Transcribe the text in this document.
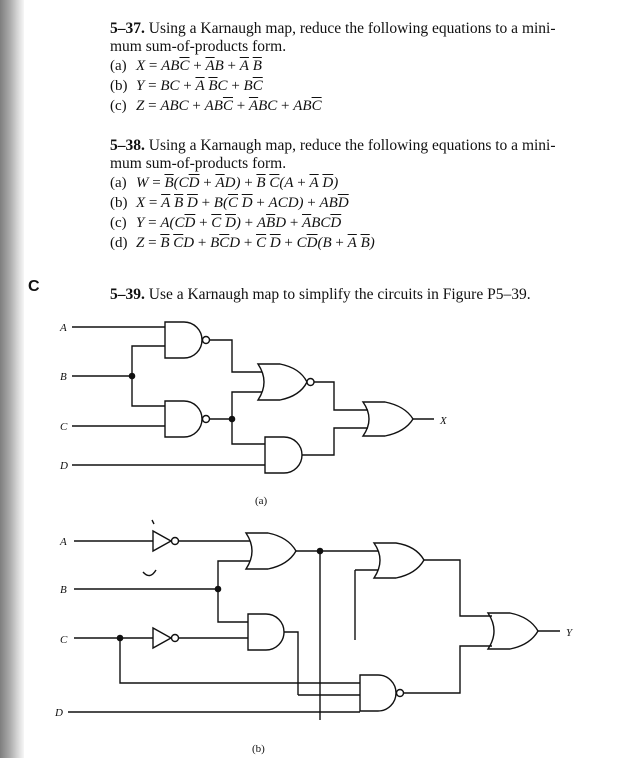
C
5–37. Using a Karnaugh map, reduce the following equations to a mini-
mum sum-of-products form.
(a) $X = AB\overline{C} + \overline{A}B + \overline{A}$ $\overline{B}$
(b) Y = BC + $\overline{A}$ $\overline{B}C + B\overline{C}$
(c) Z = ABC + $AB\overline{C} + \overline{A}BC + AB\overline{C}$
5–38. Using a Karnaugh map, reduce the following equations to a mini-
mum sum-of-products form.
(a) $W = \overline{B}(C\overline{D} + \overline{A}D) + \overline{B}$ $\overline{C}(A + \overline{A}$ $\overline{D}$)
(b) $X = \overline{A}$ $\overline{B}$ $\overline{D} + B(\overline{C}$ $\overline{D} + ACD) + AB\overline{D}$
(c) $Y = A(C\overline{D} + \overline{C}$ $\overline{D}) + A\overline{B}D + \overline{A}BC\overline{D}$
(d) $Z = \overline{B}$ $\overline{C}D + B\overline{C}D + \overline{C}$ $\overline{D} + C\overline{D}(B + \overline{A}$ $\overline{B}$)
5–39. Use a Karnaugh map to simplify the circuits in Figure P5–39.
A
B
C
D
X
(a)
A
B
C
D
Y
(b)
